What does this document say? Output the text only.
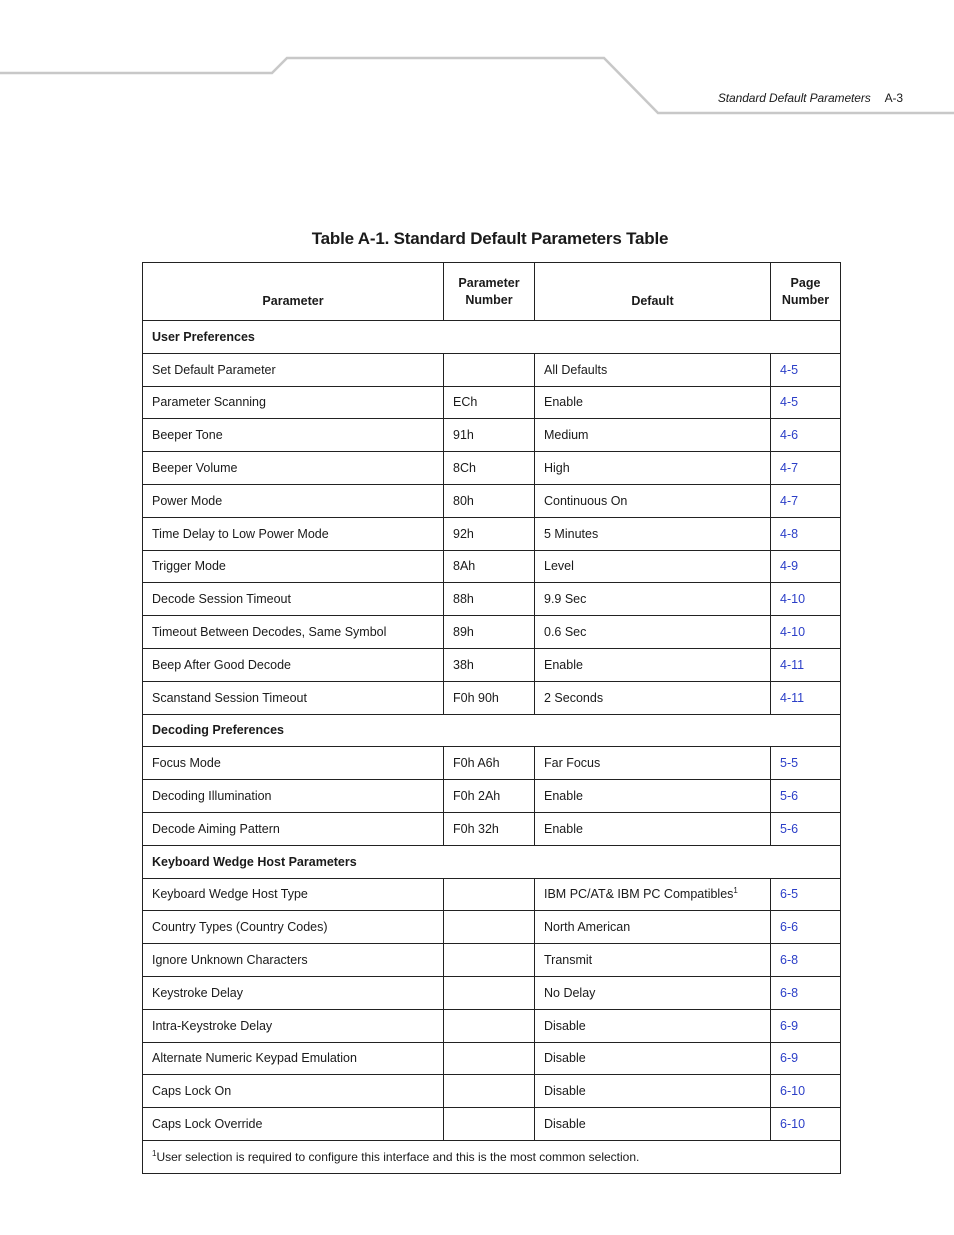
Standard Default Parameters A-3
Table A-1. Standard Default Parameters Table
Parameter	Parameter Number	Default	Page Number
User Preferences			
Set Default Parameter		All Defaults	4-5
Parameter Scanning	ECh	Enable	4-5
Beeper Tone	91h	Medium	4-6
Beeper Volume	8Ch	High	4-7
Power Mode	80h	Continuous On	4-7
Time Delay to Low Power Mode	92h	5 Minutes	4-8
Trigger Mode	8Ah	Level	4-9
Decode Session Timeout	88h	9.9 Sec	4-10
Timeout Between Decodes, Same Symbol	89h	0.6 Sec	4-10
Beep After Good Decode	38h	Enable	4-11
Scanstand Session Timeout	F0h 90h	2 Seconds	4-11
Decoding Preferences			
Focus Mode	F0h A6h	Far Focus	5-5
Decoding Illumination	F0h 2Ah	Enable	5-6
Decode Aiming Pattern	F0h 32h	Enable	5-6
Keyboard Wedge Host Parameters			
Keyboard Wedge Host Type		IBM PC/AT& IBM PC Compatibles$^1$	6-5
Country Types (Country Codes)		North American	6-6
Ignore Unknown Characters		Transmit	6-8
Keystroke Delay		No Delay	6-8
Intra-Keystroke Delay		Disable	6-9
Alternate Numeric Keypad Emulation		Disable	6-9
Caps Lock On		Disable	6-10
Caps Lock Override		Disable	6-10
$^1$User selection is required to configure this interface and this is the most common selection.			
